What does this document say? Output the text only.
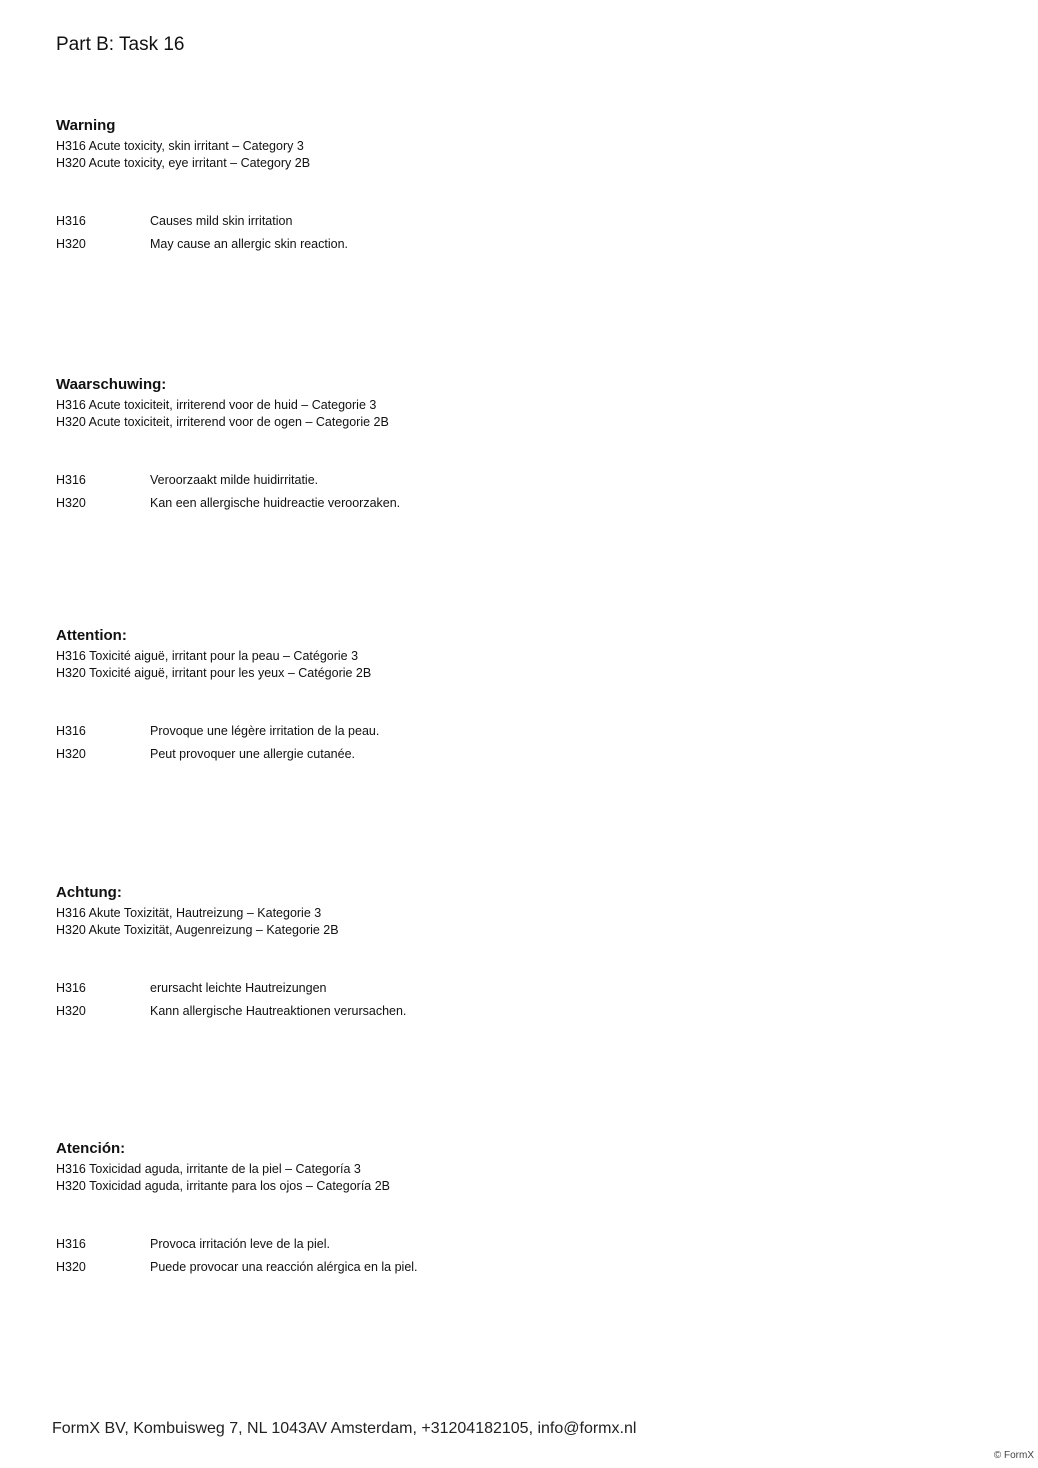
Part B: Task 16
Warning

H316 Acute toxicity, skin irritant – Category 3

H320 Acute toxicity, eye irritant – Category 2B

H316	Causes mild skin irritation
H320	May cause an allergic skin reaction.
Waarschuwing:

H316 Acute toxiciteit, irriterend voor de huid – Categorie 3

H320 Acute toxiciteit, irriterend voor de ogen – Categorie 2B

H316	Veroorzaakt milde huidirritatie.
H320	Kan een allergische huidreactie veroorzaken.
Attention:

H316 Toxicité aiguë, irritant pour la peau – Catégorie 3

H320 Toxicité aiguë, irritant pour les yeux – Catégorie 2B

H316	Provoque une légère irritation de la peau.
H320	Peut provoquer une allergie cutanée.
Achtung:

H316 Akute Toxizität, Hautreizung – Kategorie 3

H320 Akute Toxizität, Augenreizung – Kategorie 2B

H316	erursacht leichte Hautreizungen
H320	Kann allergische Hautreaktionen verursachen.
Atención:

H316 Toxicidad aguda, irritante de la piel – Categoría 3

H320 Toxicidad aguda, irritante para los ojos – Categoría 2B

H316	Provoca irritación leve de la piel.
H320	Puede provocar una reacción alérgica en la piel.
FormX BV, Kombuisweg 7, NL 1043AV Amsterdam, +31204182105, info@formx.nl
© FormX
